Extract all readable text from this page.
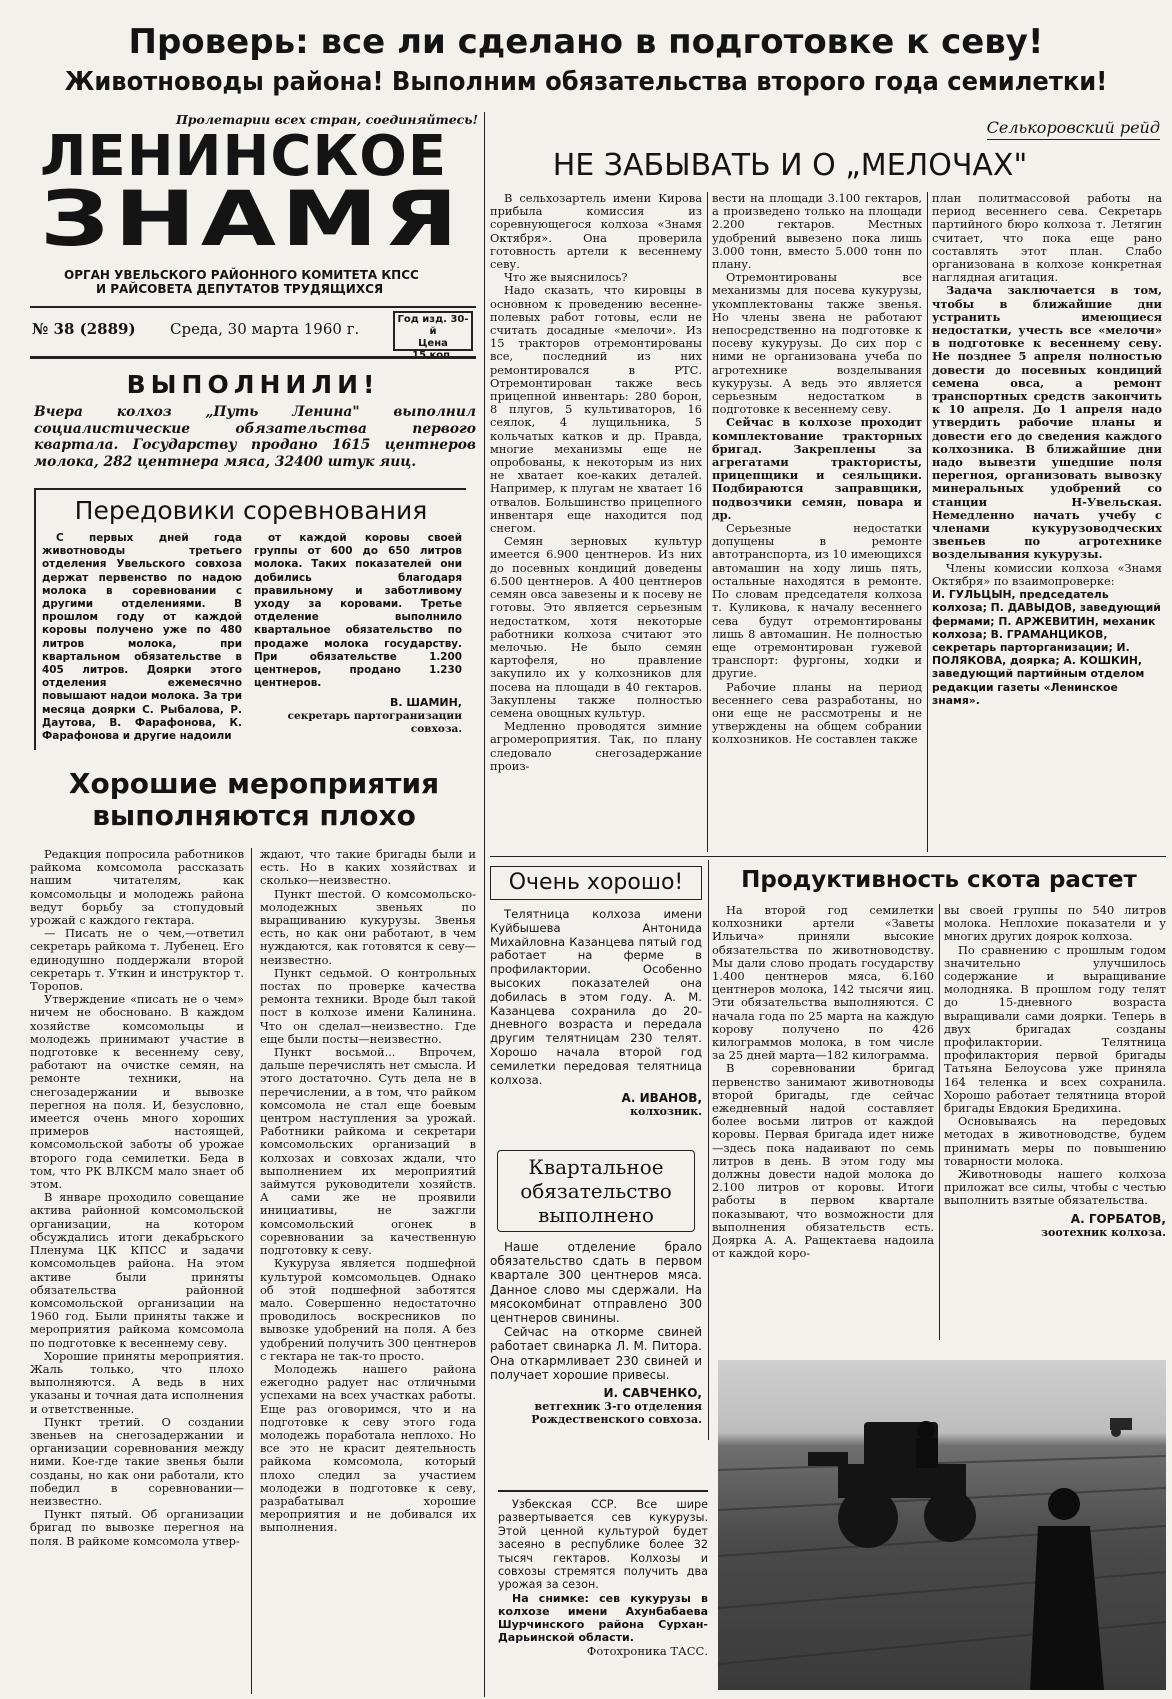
Проверь: все ли сделано в подготовке к севу!
Животноводы района! Выполним обязательства второго года семилетки!
Пролетарии всех стран, соединяйтесь!
ЛЕНИНСКОЕ
ЗНАМЯ
ОРГАН УВЕЛЬСКОГО РАЙОННОГО КОМИТЕТА КПСС
И РАЙСОВЕТА ДЕПУТАТОВ ТРУДЯЩИХСЯ
№ 38 (2889) Среда, 30 марта 1960 г.
Год изд. 30-й
Цена
ВЫПОЛНИЛИ!

Вчера колхоз „Путь Ленина" выполнил социалистические обязательства первого квартала. Государству продано 1615 центнеров молока, 282 центнера мяса, 32400 штук яиц.

Передовики соревнования

С первых дней года животноводы третьего отделения Увельского совхоза держат первенство по надою молока в соревновании с другими отделениями. В прошлом году от каждой коровы получено уже по 480 литров молока, при квартальном обязательстве в 405 литров. Доярки этого отделения ежемесячно повышают надои молока. За три месяца доярки С. Рыбалова, Р. Даутова, В. Фарафонова, К. Фарафонова и другие надоили

от каждой коровы своей группы от 600 до 650 литров молока. Таких показателей они добились благодаря правильному и заботливому уходу за коровами. Третье отделение выполнило квартальное обязательство по продаже молока государству. При обязательстве 1.200 центнеров, продано 1.230 центнеров.

В. ШАМИН,

секретарь партогранизации совхоза.

Хорошие мероприятия
выполняются плохо

Редакция попросила работников райкома комсомола рассказать нашим читателям, как комсомольцы и молодежь района ведут борьбу за стопудовый урожай с каждого гектара.

— Писать не о чем,—ответил секретарь райкома т. Лубенец. Его единодушно поддержали второй секретарь т. Уткин и инструктор т. Торопов.

Утверждение «писать не о чем» ничем не обосновано. В каждом хозяйстве комсомольцы и молодежь принимают участие в подготовке к весеннему севу, работают на очистке семян, на ремонте техники, на снегозадержании и вывозке перегноя на поля. И, безусловно, имеется очень много хороших примеров настоящей, комсомольской заботы об урожае второго года семилетки. Беда в том, что РК ВЛКСМ мало знает об этом.

В январе проходило совещание актива районной комсомольской организации, на котором обсуждались итоги декабрьского Пленума ЦК КПСС и задачи комсомольцев района. На этом активе были приняты обязательства районной комсомольской организации на 1960 год. Были приняты также и мероприятия райкома комсомола по подготовке к весеннему севу.

Хорошие приняты мероприятия. Жаль только, что плохо выполняются. А ведь в них указаны и точная дата исполнения и ответственные.

Пункт третий. О создании звеньев на снегозадержании и организации соревнования между ними. Кое-где такие звенья были созданы, но как они работали, кто победил в соревновании—неизвестно.

Пункт пятый. Об организации бригад по вывозке перегноя на поля. В райкоме комсомола утвер-

ждают, что такие бригады были и есть. Но в каких хозяйствах и сколько—неизвестно.

Пункт шестой. О комсомольско-молодежных звеньях по выращиванию кукурузы. Звенья есть, но как они работают, в чем нуждаются, как готовятся к севу—неизвестно.

Пункт седьмой. О контрольных постах по проверке качества ремонта техники. Вроде был такой пост в колхозе имени Калинина. Что он сделал—неизвестно. Где еще были посты—неизвестно.

Пункт восьмой... Впрочем, дальше перечислять нет смысла. И этого достаточно. Суть дела не в перечислении, а в том, что райком комсомола не стал еще боевым центром наступления за урожай. Работники райкома и секретари комсомольских организаций в колхозах и совхозах ждали, что выполнением их мероприятий займутся руководители хозяйств. А сами же не проявили инициативы, не зажгли комсомольский огонек в соревновании за качественную подготовку к севу.

Кукуруза является подшефной культурой комсомольцев. Однако об этой подшефной заботятся мало. Совершенно недостаточно проводилось воскресников по вывозке удобрений на поля. А без удобрений получить 300 центнеров с гектара не так-то просто.

Молодежь нашего района ежегодно радует нас отличными успехами на всех участках работы. Еще раз оговоримся, что и на подготовке к севу этого года молодежь поработала неплохо. Но все это не красит деятельность райкома комсомола, который плохо следил за участием молодежи в подготовке к севу, разрабатывал хорошие мероприятия и не добивался их выполнения.

Селькоровский рейд
НЕ ЗАБЫВАТЬ И О „МЕЛОЧАХ"

В сельхозартель имени Кирова прибыла комиссия из соревнующегося колхоза «Знамя Октября». Она проверила готовность артели к весеннему севу.

Что же выяснилось?

Надо сказать, что кировцы в основном к проведению весенне-полевых работ готовы, если не считать досадные «мелочи». Из 15 тракторов отремонтированы все, последний из них ремонтировался в РТС. Отремонтирован также весь прицепной инвентарь: 280 борон, 8 плугов, 5 культиваторов, 16 сеялок, 4 лущильника, 5 кольчатых катков и др. Правда, многие механизмы еще не опробованы, к некоторым из них не хватает кое-каких деталей. Например, к плугам не хватает 16 отвалов. Большинство прицепного инвентаря еще находится под снегом.

Семян зерновых культур имеется 6.900 центнеров. Из них до посевных кондиций доведены 6.500 центнеров. А 400 центнеров семян овса завезены и к посеву не готовы. Это является серьезным недостатком, хотя некоторые работники колхоза считают это мелочью. Не было семян картофеля, но правление закупило их у колхозников для посева на площади в 40 гектаров. Закуплены также полностью семена овощных культур.

Медленно проводятся зимние агромероприятия. Так, по плану следовало снегозадержание произ-

вести на площади 3.100 гектаров, а произведено только на площади 2.200 гектаров. Местных удобрений вывезено пока лишь 3.000 тонн, вместо 5.000 тонн по плану.

Отремонтированы все механизмы для посева кукурузы, укомплектованы также звенья. Но члены звена не работают непосредственно на подготовке к посеву кукурузы. До сих пор с ними не организована учеба по агротехнике возделывания кукурузы. А ведь это является серьезным недостатком в подготовке к весеннему севу.

Сейчас в колхозе проходит комплектование тракторных бригад. Закреплены за агрегатами трактористы, прицепщики и сеяльщики. Подбираются заправщики, подвозчики семян, повара и др.

Серьезные недостатки допущены в ремонте автотранспорта, из 10 имеющихся автомашин на ходу лишь пять, остальные находятся в ремонте. По словам председателя колхоза т. Куликова, к началу весеннего сева будут отремонтированы лишь 8 автомашин. Не полностью еще отремонтирован гужевой транспорт: фургоны, ходки и другие.

Рабочие планы на период весеннего сева разработаны, но они еще не рассмотрены и не утверждены на общем собрании колхозников. Не составлен также

план политмассовой работы на период весеннего сева. Секретарь партийного бюро колхоза т. Летягин считает, что пока еще рано составлять этот план. Слабо организована в колхозе конкретная наглядная агитация.

Задача заключается в том, чтобы в ближайшие дни устранить имеющиеся недостатки, учесть все «мелочи» в подготовке к весеннему севу. Не позднее 5 апреля полностью довести до посевных кондиций семена овса, а ремонт транспортных средств закончить к 10 апреля. До 1 апреля надо утвердить рабочие планы и довести его до сведения каждого колхозника. В ближайшие дни надо вывезти ушедшие поля перегноя, организовать вывозку минеральных удобрений со станции Н-Увельская. Немедленно начать учебу с членами кукурузоводческих звеньев по агротехнике возделывания кукурузы.

Члены комиссии колхоза «Знамя Октября» по взаимопроверке:

И. ГУЛЬЦЫН, председатель колхоза; П. ДАВЫДОВ, заведующий фермами; П. АРЖЕВИТИН, механик колхоза; В. ГРАМАНЦИКОВ, секретарь парторганизации; И. ПОЛЯКОВА, доярка; А. КОШКИН, заведующий партийным отделом редакции газеты «Ленинское знамя».

Очень хорошо!

Телятница колхоза имени Куйбышева Антонида Михайловна Казанцева пятый год работает на ферме в профилактории. Особенно высоких показателей она добилась в этом году. А. М. Казанцева сохранила до 20-дневного возраста и передала другим телятницам 230 телят. Хорошо начала второй год семилетки передовая телятница колхоза.

А. ИВАНОВ,

колхозник.

Квартальное
обязательство
выполнено

Наше отделение брало обязательство сдать в первом квартале 300 центнеров мяса. Данное слово мы сдержали. На мясокомбинат отправлено 300 центнеров свинины.

Сейчас на откорме свиней работает свинарка Л. М. Питора. Она откармливает 230 свиней и получает хорошие привесы.

И. САВЧЕНКО,

ветгехник 3-го отделения

Рождественского совхоза.

Продуктивность скота растет

На второй год семилетки колхозники артели «Заветы Ильича» приняли высокие обязательства по животноводству. Мы дали слово продать государству 1.400 центнеров мяса, 6.160 центнеров молока, 142 тысячи яиц. Эти обязательства выполняются. С начала года по 25 марта на каждую корову получено по 426 килограммов молока, в том числе за 25 дней марта—182 килограмма.

В соревновании бригад первенство занимают животноводы второй бригады, где сейчас ежедневный надой составляет более восьми литров от каждой коровы. Первая бригада идет ниже—здесь пока надаивают по семь литров в день. В этом году мы должны довести надой молока до 2.100 литров от коровы. Итоги работы в первом квартале показывают, что возможности для выполнения обязательств есть. Доярка А. А. Ращектаева надоила от каждой коро-

вы своей группы по 540 литров молока. Неплохие показатели и у многих других доярок колхоза.

По сравнению с прошлым годом значительно улучшилось содержание и выращивание молодняка. В прошлом году телят до 15-дневного возраста выращивали сами доярки. Теперь в двух бригадах созданы профилактории. Телятница профилактория первой бригады Татьяна Белоусова уже приняла 164 теленка и всех сохранила. Хорошо работает телятница второй бригады Евдокия Бредихина.

Основываясь на передовых методах в животноводстве, будем принимать меры по повышению товарности молока.

Животноводы нашего колхоза приложат все силы, чтобы с честью выполнить взятые обязательства.

А. ГОРБАТОВ,

зоотехник колхоза.

Узбекская ССР. Все шире развертывается сев кукурузы. Этой ценной культурой будет засеяно в республике более 32 тысяч гектаров. Колхозы и совхозы стремятся получить два урожая за сезон.

На снимке: сев кукурузы в колхозе имени Ахунбабаева Шурчинского района Сурхан-Дарьинской области.

Фотохроника ТАСС.
